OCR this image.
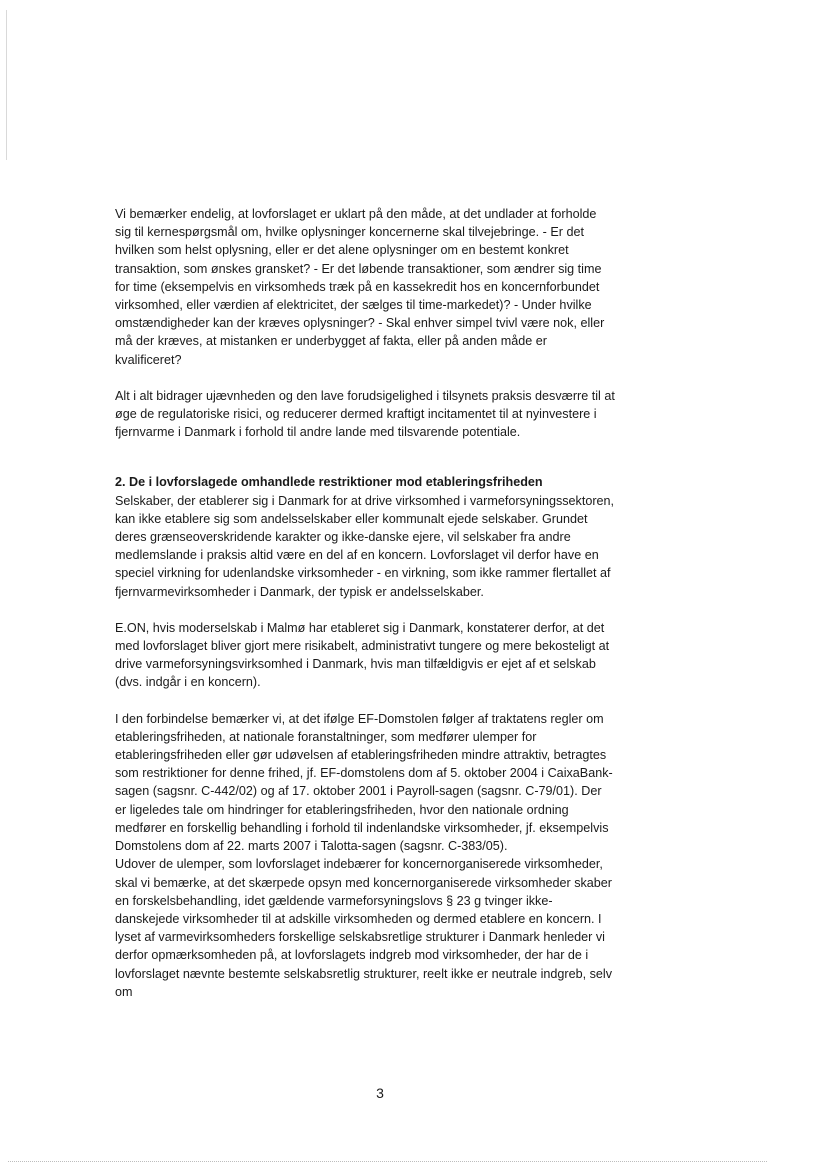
Vi bemærker endelig, at lovforslaget er uklart på den måde, at det undlader at forholde sig til kernespørgsmål om, hvilke oplysninger koncernerne skal tilvejebringe. - Er det hvilken som helst oplysning, eller er det alene oplysninger om en bestemt konkret transaktion, som ønskes gransket? - Er det løbende transaktioner, som ændrer sig time for time (eksempelvis en virksomheds træk på en kassekredit hos en koncernforbundet virksomhed, eller værdien af elektricitet, der sælges til time-markedet)? - Under hvilke omstændigheder kan der kræves oplysninger? - Skal enhver simpel tvivl være nok, eller må der kræves, at mistanken er underbygget af fakta, eller på anden måde er kvalificeret?

Alt i alt bidrager ujævnheden og den lave forudsigelighed i tilsynets praksis desværre til at øge de regulatoriske risici, og reducerer dermed kraftigt incitamentet til at nyinvestere i fjernvarme i Danmark i forhold til andre lande med tilsvarende potentiale.

2. De i lovforslagede omhandlede restriktioner mod etableringsfriheden

Selskaber, der etablerer sig i Danmark for at drive virksomhed i varmeforsyningssektoren, kan ikke etablere sig som andelsselskaber eller kommunalt ejede selskaber. Grundet deres grænseoverskridende karakter og ikke-danske ejere, vil selskaber fra andre medlemslande i praksis altid være en del af en koncern. Lovforslaget vil derfor have en speciel virkning for udenlandske virksomheder - en virkning, som ikke rammer flertallet af fjernvarmevirksomheder i Danmark, der typisk er andelsselskaber.

E.ON, hvis moderselskab i Malmø har etableret sig i Danmark, konstaterer derfor, at det med lovforslaget bliver gjort mere risikabelt, administrativt tungere og mere bekosteligt at drive varmeforsyningsvirksomhed i Danmark, hvis man tilfældigvis er ejet af et selskab (dvs. indgår i en koncern).

I den forbindelse bemærker vi, at det ifølge EF-Domstolen følger af traktatens regler om etableringsfriheden, at nationale foranstaltninger, som medfører ulemper for etableringsfriheden eller gør udøvelsen af etableringsfriheden mindre attraktiv, betragtes som restriktioner for denne frihed, jf. EF-domstolens dom af 5. oktober 2004 i CaixaBank-sagen (sagsnr. C-442/02) og af 17. oktober 2001 i Payroll-sagen (sagsnr. C-79/01). Der er ligeledes tale om hindringer for etableringsfriheden, hvor den nationale ordning medfører en forskellig behandling i forhold til indenlandske virksomheder, jf. eksempelvis Domstolens dom af 22. marts 2007 i Talotta-sagen (sagsnr. C-383/05).

Udover de ulemper, som lovforslaget indebærer for koncernorganiserede virksomheder, skal vi bemærke, at det skærpede opsyn med koncernorganiserede virksomheder skaber en forskelsbehandling, idet gældende varmeforsyningslovs § 23 g tvinger ikke-danskejede virksomheder til at adskille virksomheden og dermed etablere en koncern. I lyset af varmevirksomheders forskellige selskabsretlige strukturer i Danmark henleder vi derfor opmærksomheden på, at lovforslagets indgreb mod virksomheder, der har de i lovforslaget nævnte bestemte selskabsretlig strukturer, reelt ikke er neutrale indgreb, selv om

3
